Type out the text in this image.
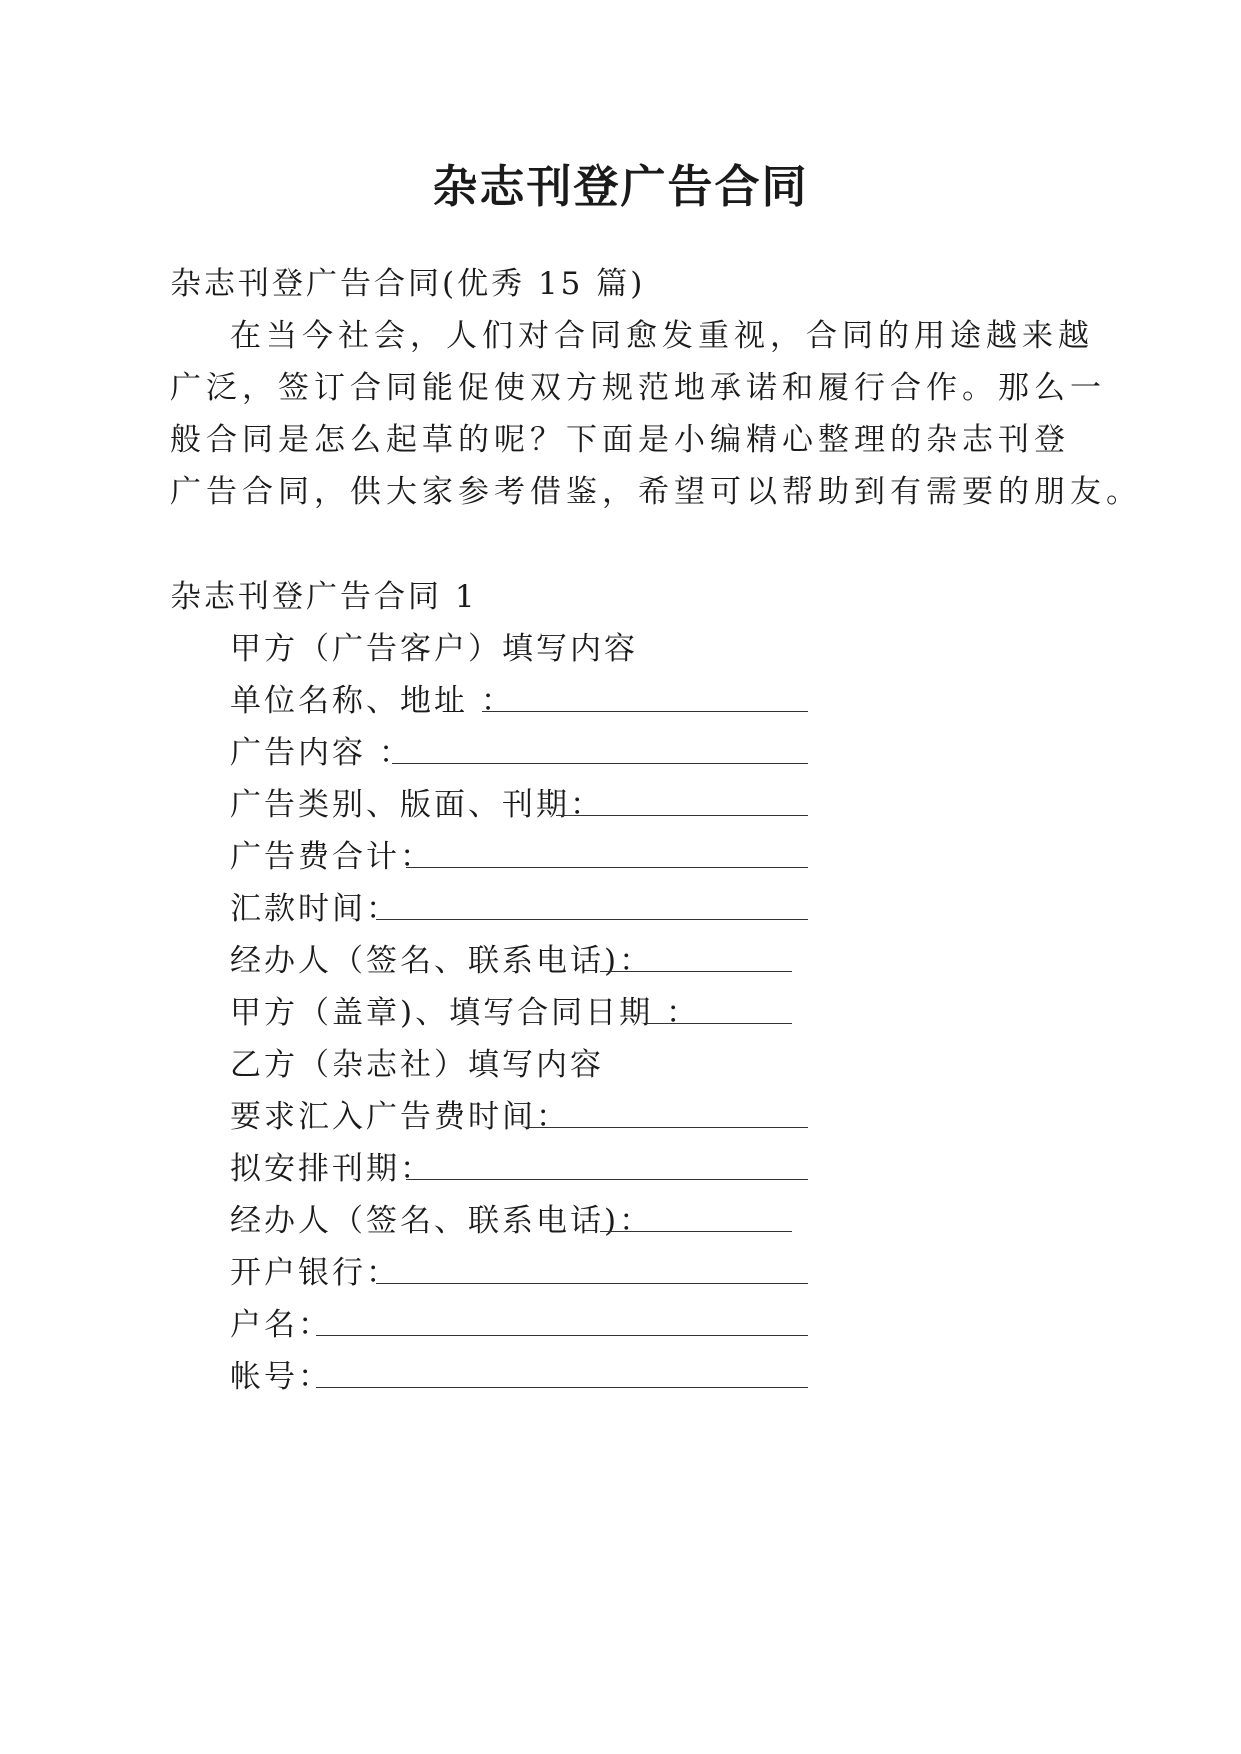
杂志刊登广告合同
杂志刊登广告合同(优秀 15 篇)
在当今社会，人们对合同愈发重视，合同的用途越来越
广泛，签订合同能促使双方规范地承诺和履行合作。那么一
般合同是怎么起草的呢？下面是小编精心整理的杂志刊登
广告合同，供大家参考借鉴，希望可以帮助到有需要的朋友。
杂志刊登广告合同 1
甲方（广告客户）填写内容
单位名称、地址 ：
广告内容 ：
广告类别、版面、刊期：
广告费合计：
汇款时间：
经办人（签名、联系电话)：
甲方（盖章)、填写合同日期 ：
乙方（杂志社）填写内容
要求汇入广告费时间：
拟安排刊期：
经办人（签名、联系电话)：
开户银行：
户名：
帐号：
